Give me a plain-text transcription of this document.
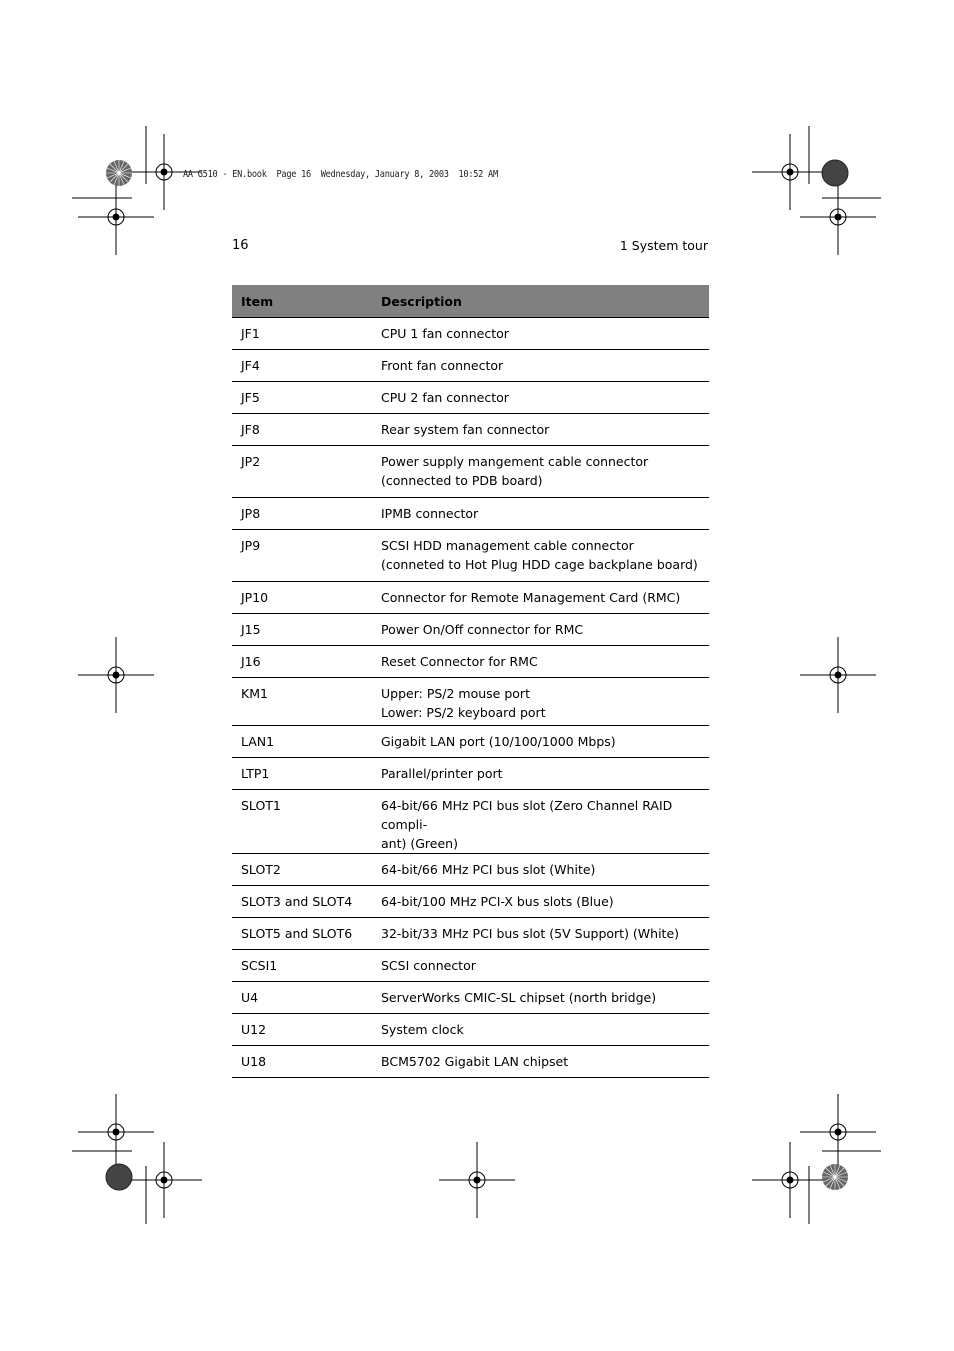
AA G510 - EN.book  Page 16  Wednesday, January 8, 2003  10:52 AM
16	1 System tour
Item	Description
JF1	CPU 1 fan connector

JF4	Front fan connector

JF5	CPU 2 fan connector

JF8	Rear system fan connector

JP2	Power supply mangement cable connector
(connected to PDB board)

JP8	IPMB connector

JP9	SCSI HDD management cable connector
(conneted to Hot Plug HDD cage backplane board)

JP10	Connector for Remote Management Card (RMC)

J15	Power On/Off connector for RMC

J16	Reset Connector for RMC

KM1	Upper: PS/2 mouse port
Lower: PS/2 keyboard port

LAN1	Gigabit LAN port (10/100/1000 Mbps)

LTP1	Parallel/printer port

SLOT1	64-bit/66 MHz PCI bus slot (Zero Channel RAID compli-
ant) (Green)

SLOT2	64-bit/66 MHz PCI bus slot (White)

SLOT3 and SLOT4	64-bit/100 MHz PCI-X bus slots (Blue)

SLOT5 and SLOT6	32-bit/33 MHz PCI bus slot (5V Support) (White)

SCSI1	SCSI connector

U4	ServerWorks CMIC-SL chipset (north bridge)

U12	System clock

U18	BCM5702 Gigabit LAN chipset
